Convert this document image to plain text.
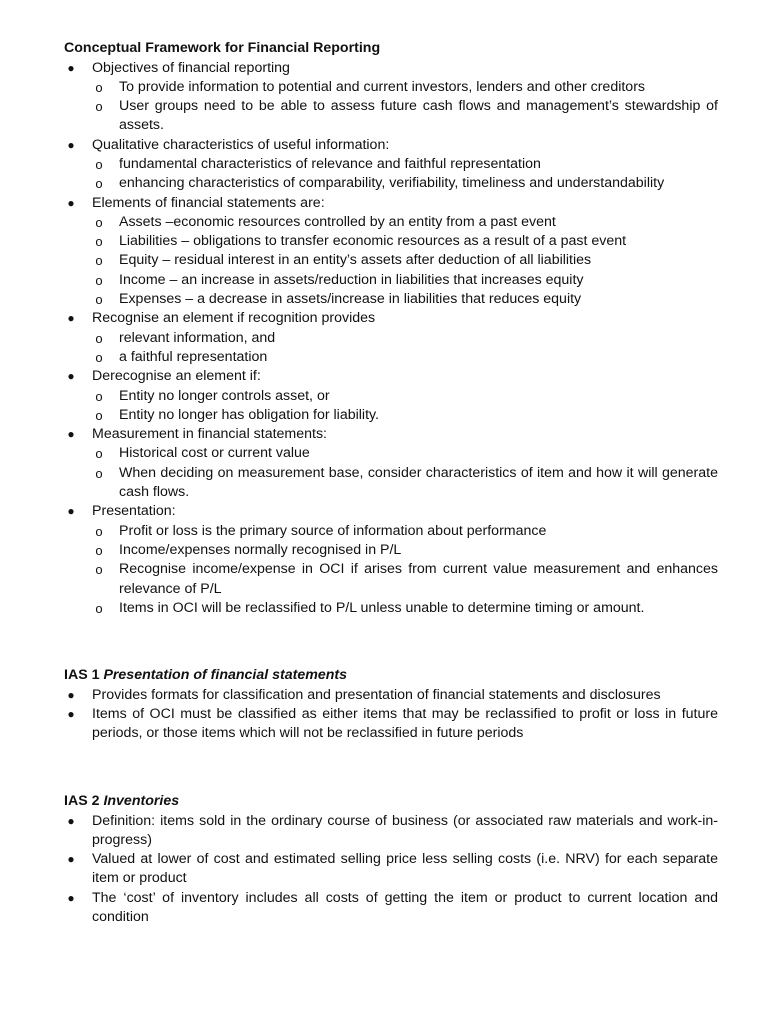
Conceptual Framework for Financial Reporting
● Objectives of financial reporting
o To provide information to potential and current investors, lenders and other creditors
o User groups need to be able to assess future cash flows and management’s stewardship of assets.
● Qualitative characteristics of useful information:
o fundamental characteristics of relevance and faithful representation
o enhancing characteristics of comparability, verifiability, timeliness and understandability
● Elements of financial statements are:
o Assets –economic resources controlled by an entity from a past event
o Liabilities – obligations to transfer economic resources as a result of a past event
o Equity – residual interest in an entity’s assets after deduction of all liabilities
o Income – an increase in assets/reduction in liabilities that increases equity
o Expenses – a decrease in assets/increase in liabilities that reduces equity
● Recognise an element if recognition provides
o relevant information, and
o a faithful representation
● Derecognise an element if:
o Entity no longer controls asset, or
o Entity no longer has obligation for liability.
● Measurement in financial statements:
o Historical cost or current value
o When deciding on measurement base, consider characteristics of item and how it will generate cash flows.
● Presentation:
o Profit or loss is the primary source of information about performance
o Income/expenses normally recognised in P/L
o Recognise income/expense in OCI if arises from current value measurement and enhances relevance of P/L
o Items in OCI will be reclassified to P/L unless unable to determine timing or amount.
IAS 1 Presentation of financial statements
● Provides formats for classification and presentation of financial statements and disclosures
● Items of OCI must be classified as either items that may be reclassified to profit or loss in future periods, or those items which will not be reclassified in future periods
IAS 2 Inventories
● Definition: items sold in the ordinary course of business (or associated raw materials and work-in-progress)
● Valued at lower of cost and estimated selling price less selling costs (i.e. NRV) for each separate item or product
● The ‘cost’ of inventory includes all costs of getting the item or product to current location and condition
